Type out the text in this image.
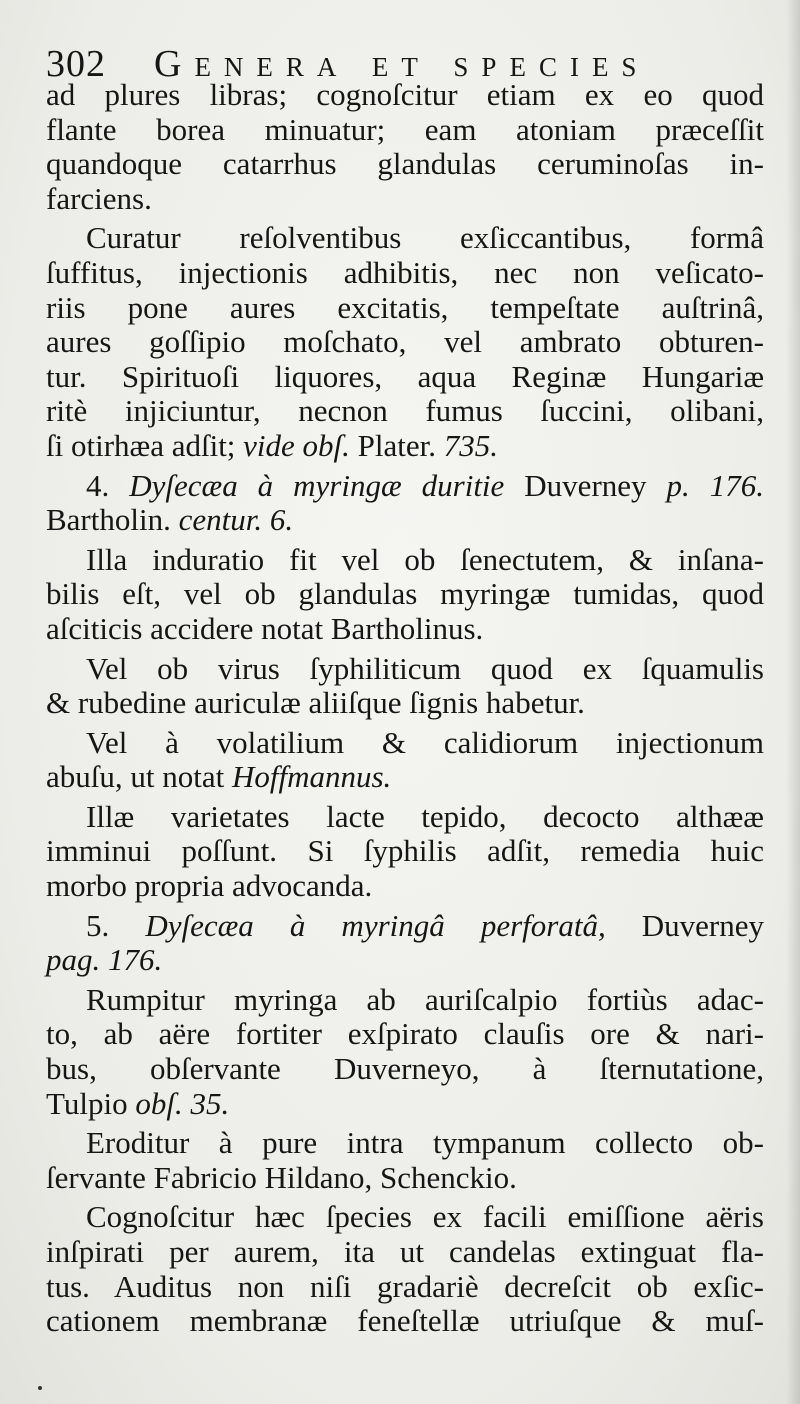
302 Genera et species
ad plures libras; cognoſcitur etiam ex eo quod
flante borea minuatur; eam atoniam præceſſit
quandoque catarrhus glandulas ceruminoſas in-
farciens.
Curatur reſolventibus exſiccantibus, formâ
ſuffitus, injectionis adhibitis, nec non veſicato-
riis pone aures excitatis, tempeſtate auſtrinâ,
aures goſſipio moſchato, vel ambrato obturen-
tur. Spirituoſi liquores, aqua Reginæ Hungariæ
ritè injiciuntur, necnon fumus ſuccini, olibani,
ſi otirhæa adſit; vide obſ. Plater. 735.
4. Dyſecæa à myringæ duritie Duverney p. 176.
Bartholin. centur. 6.
Illa induratio fit vel ob ſenectutem, & inſana-
bilis eſt, vel ob glandulas myringæ tumidas, quod
aſciticis accidere notat Bartholinus.
Vel ob virus ſyphiliticum quod ex ſquamulis
& rubedine auriculæ aliiſque ſignis habetur.
Vel à volatilium & calidiorum injectionum
abuſu, ut notat Hoffmannus.
Illæ varietates lacte tepido, decocto althææ
imminui poſſunt. Si ſyphilis adſit, remedia huic
morbo propria advocanda.
5. Dyſecæa à myringâ perforatâ, Duverney
pag. 176.
Rumpitur myringa ab auriſcalpio fortiùs adac-
to, ab aëre fortiter exſpirato clauſis ore & nari-
bus, obſervante Duverneyo, à ſternutatione,
Tulpio obſ. 35.
Eroditur à pure intra tympanum collecto ob-
ſervante Fabricio Hildano, Schenckio.
Cognoſcitur hæc ſpecies ex facili emiſſione aëris
inſpirati per aurem, ita ut candelas extinguat fla-
tus. Auditus non niſi gradariè decreſcit ob exſic-
cationem membranæ feneſtellæ utriuſque & muſ-
